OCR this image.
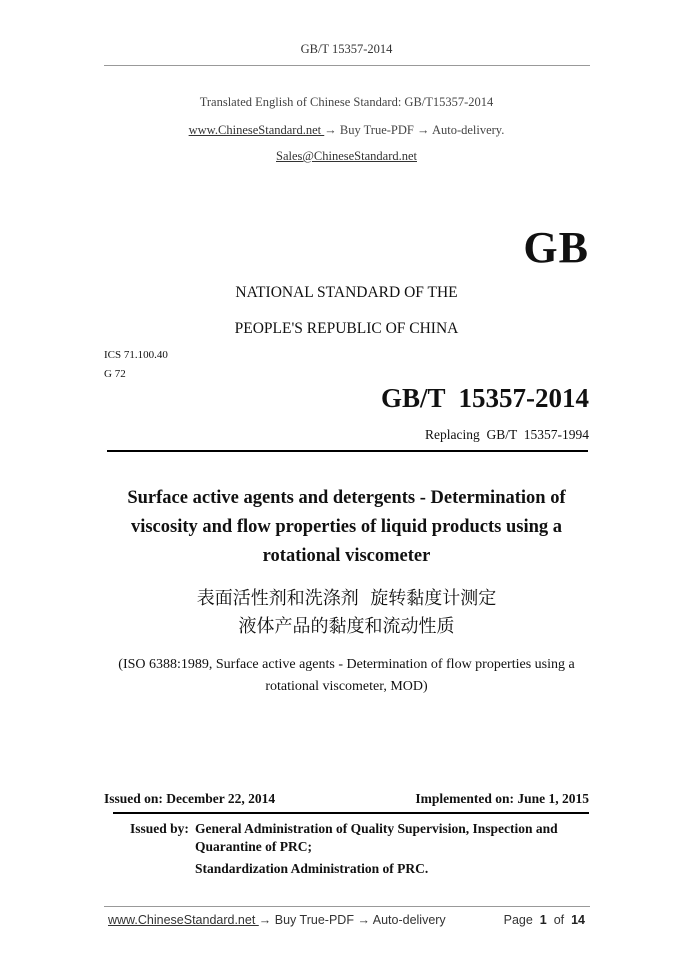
GB/T 15357-2014
Translated English of Chinese Standard: GB/T15357-2014
www.ChineseStandard.net → Buy True-PDF → Auto-delivery.
Sales@ChineseStandard.net
GB
NATIONAL STANDARD OF THE
PEOPLE'S REPUBLIC OF CHINA
ICS 71.100.40
G 72
GB/T  15357-2014
Replacing  GB/T  15357-1994
Surface active agents and detergents - Determination of viscosity and flow properties of liquid products using a rotational viscometer
表面活性剂和洗涤剂  旋转黏度计测定
液体产品的黏度和流动性质
(ISO 6388:1989, Surface active agents - Determination of flow properties using a rotational viscometer, MOD)
Issued on: December 22, 2014	Implemented on: June 1, 2015
Issued by: General Administration of Quality Supervision, Inspection and
Quarantine of PRC;
Standardization Administration of PRC.
www.ChineseStandard.net → Buy True-PDF → Auto-delivery	Page 1 of 14
